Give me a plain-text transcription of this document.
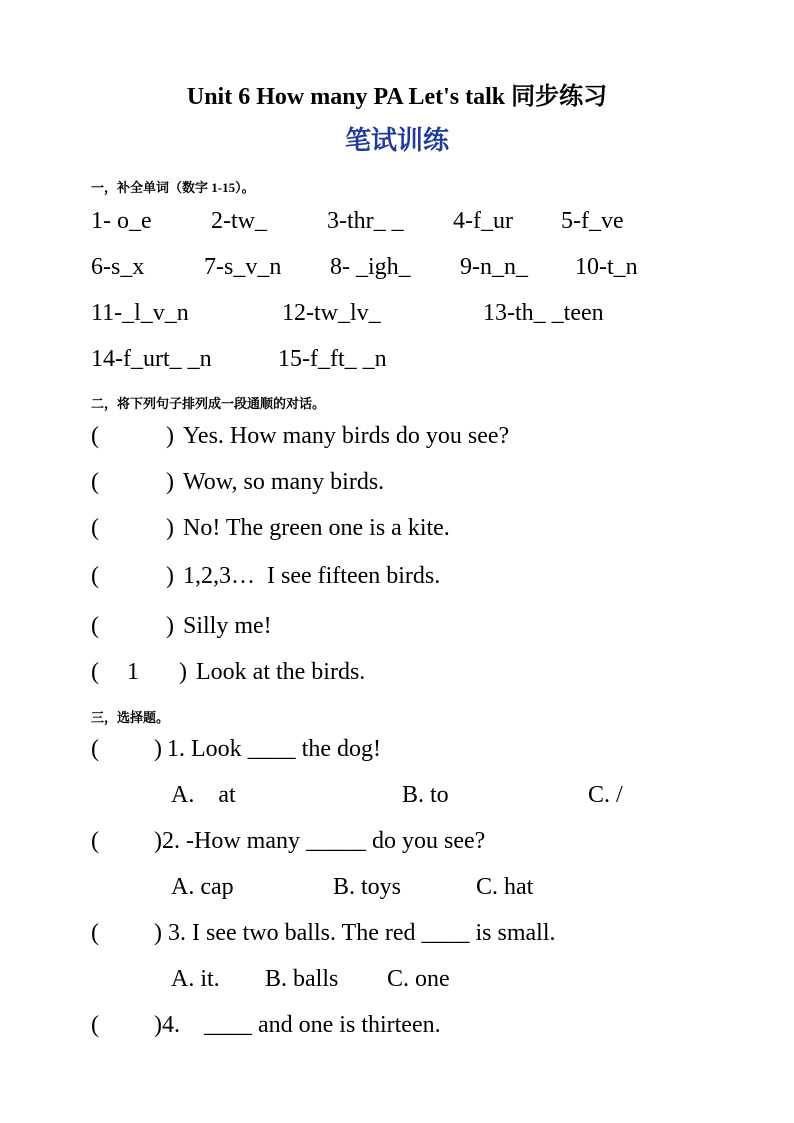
Unit 6 How many PA Let's talk 同步练习
笔试训练
一，补全单词（数字 1-15）。
1- o_e 2-tw_	3-thr_ _ 4-f_ur 5-f_ve
6-s_x 7-s_v_n 8- _igh_ 9-n_n_ 10-t_n
11-_l_v_n	12-tw_lv_	13-th_ _teen
14-f_urt_ _n	15-f_ft_ _n
二，将下列句子排列成一段通顺的对话。
(	) Yes. How many birds do you see?
(	) Wow, so many birds.
(	) No! The green one is a kite.
(	) 1,2,3…  I see fifteen birds.
(	) Silly me!
(	1	) Look at the birds.
三，选择题。
( ) 1. Look ____ the dog!
A.    at	B. to	C. /
( ) 2. -How many _____ do you see?
A. cap	B. toys	C. hat
( ) 3. I see two balls. The red ____ is small.
A. it. B. balls C. one
( ) 4.    ____ and one is thirteen.
